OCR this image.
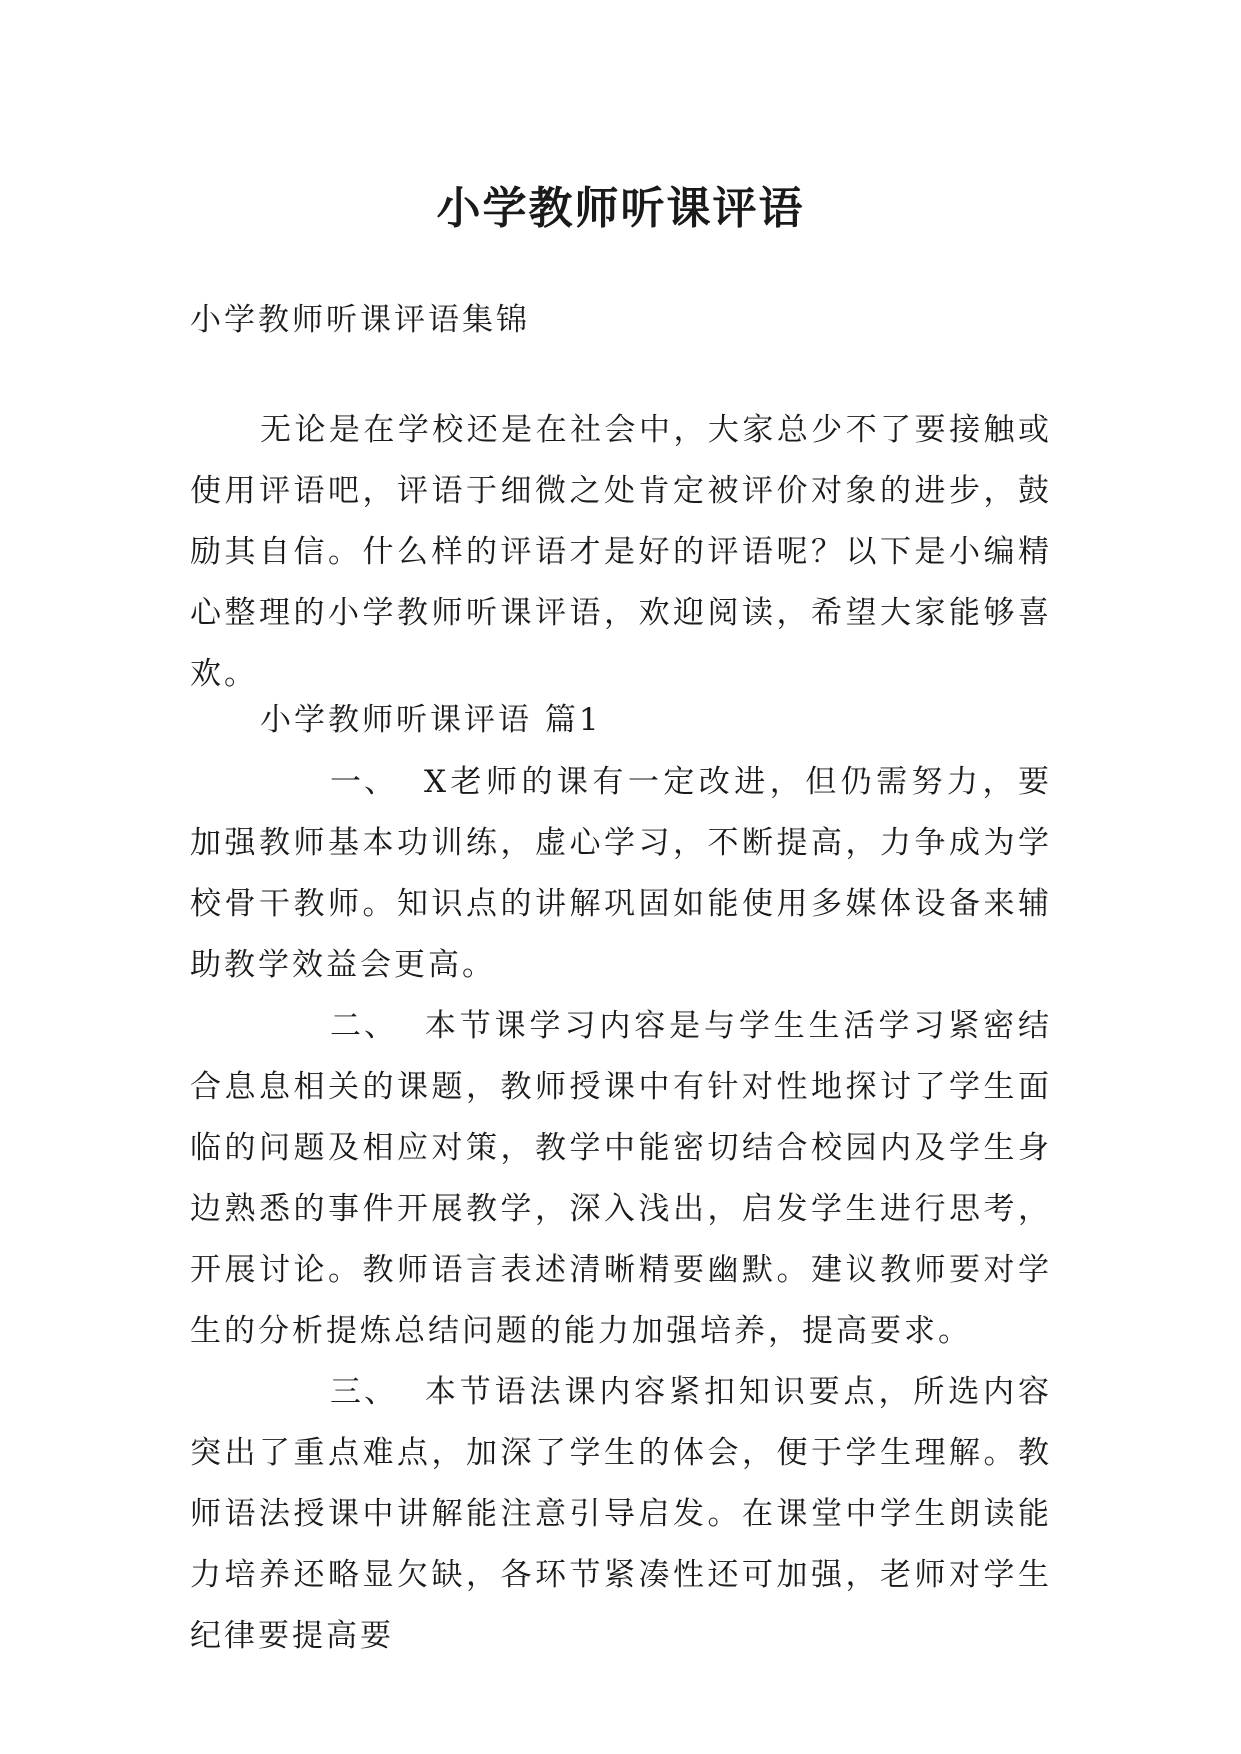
小学教师听课评语

小学教师听课评语集锦

无论是在学校还是在社会中，大家总少不了要接触或使用评语吧，评语于细微之处肯定被评价对象的进步，鼓励其自信。什么样的评语才是好的评语呢？以下是小编精心整理的小学教师听课评语，欢迎阅读，希望大家能够喜欢。

小学教师听课评语 篇1

一、 X老师的课有一定改进，但仍需努力，要加强教师基本功训练，虚心学习，不断提高，力争成为学校骨干教师。知识点的讲解巩固如能使用多媒体设备来辅助教学效益会更高。

二、 本节课学习内容是与学生生活学习紧密结合息息相关的课题，教师授课中有针对性地探讨了学生面临的问题及相应对策，教学中能密切结合校园内及学生身边熟悉的事件开展教学，深入浅出，启发学生进行思考，开展讨论。教师语言表述清晰精要幽默。建议教师要对学生的分析提炼总结问题的能力加强培养，提高要求。

三、 本节语法课内容紧扣知识要点，所选内容突出了重点难点，加深了学生的体会，便于学生理解。教师语法授课中讲解能注意引导启发。在课堂中学生朗读能力培养还略显欠缺，各环节紧凑性还可加强，老师对学生纪律要提高要
